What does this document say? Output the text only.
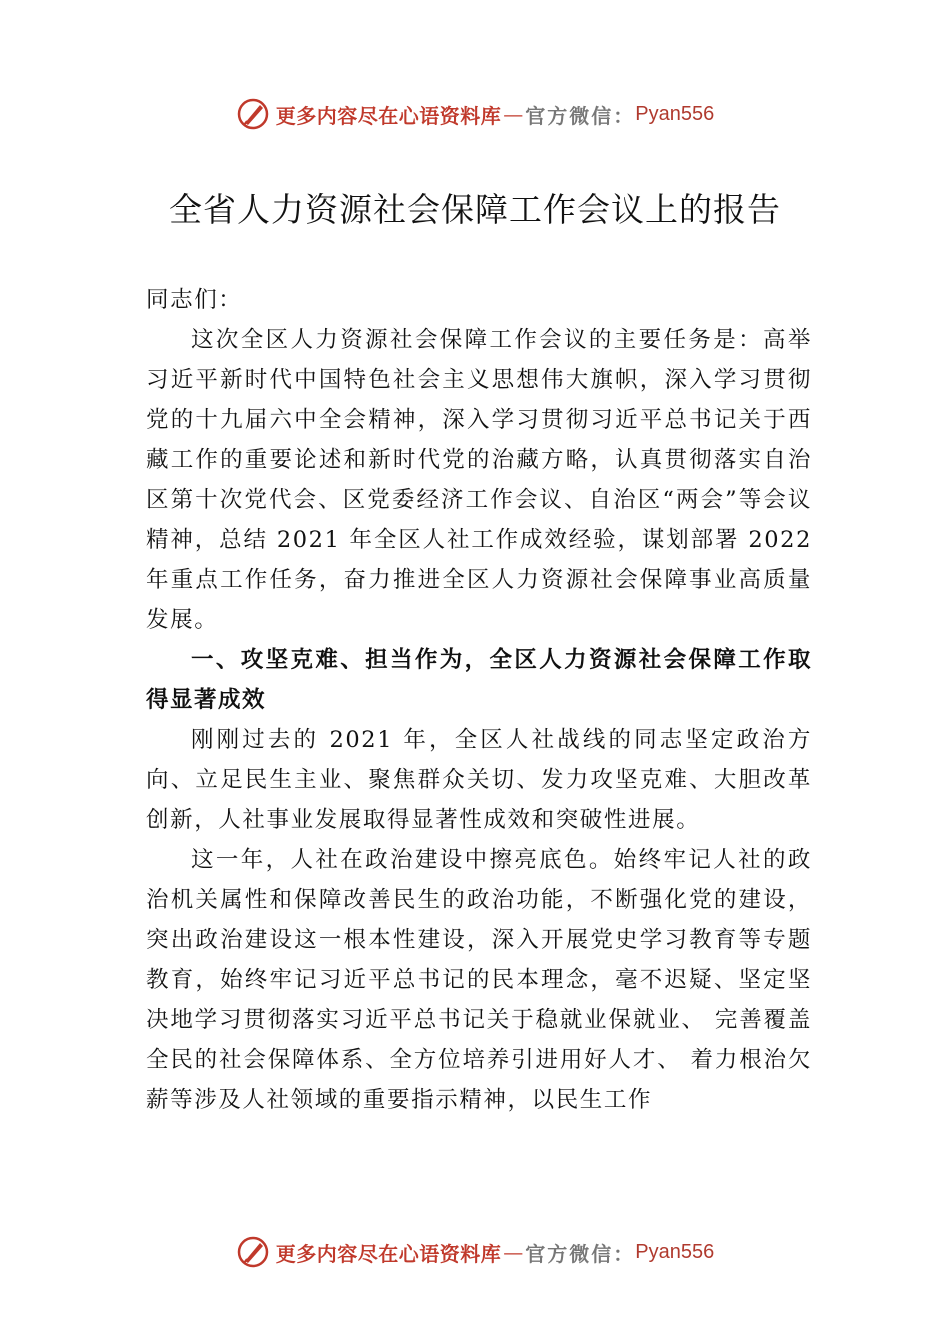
更多内容尽在心语资料库 — 官方微信： Pyan556
全省人力资源社会保障工作会议上的报告

同志们：

这次全区人力资源社会保障工作会议的主要任务是：高举习近平新时代中国特色社会主义思想伟大旗帜，深入学习贯彻党的十九届六中全会精神，深入学习贯彻习近平总书记关于西藏工作的重要论述和新时代党的治藏方略，认真贯彻落实自治区第十次党代会、区党委经济工作会议、自治区“两会”等会议精神，总结 2021 年全区人社工作成效经验，谋划部署 2022 年重点工作任务，奋力推进全区人力资源社会保障事业高质量发展。

一、攻坚克难、担当作为，全区人力资源社会保障工作取得显著成效

刚刚过去的 2021 年，全区人社战线的同志坚定政治方向、立足民生主业、聚焦群众关切、发力攻坚克难、大胆改革创新，人社事业发展取得显著性成效和突破性进展。

这一年，人社在政治建设中擦亮底色。始终牢记人社的政治机关属性和保障改善民生的政治功能，不断强化党的建设，突出政治建设这一根本性建设，深入开展党史学习教育等专题教育，始终牢记习近平总书记的民本理念，毫不迟疑、坚定坚决地学习贯彻落实习近平总书记关于稳就业保就业、 完善覆盖全民的社会保障体系、全方位培养引进用好人才、 着力根治欠薪等涉及人社领域的重要指示精神，以民生工作

更多内容尽在心语资料库 — 官方微信： Pyan556
